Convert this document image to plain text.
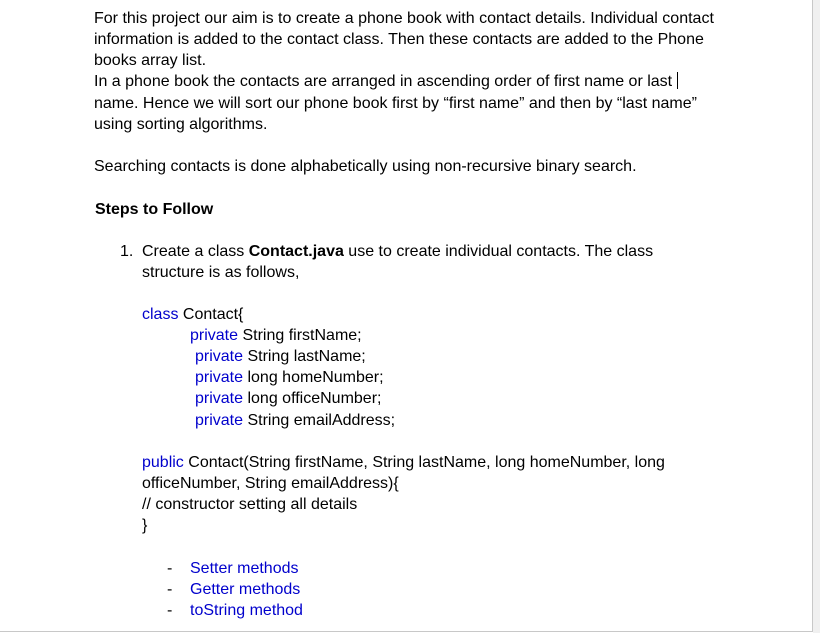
For this project our aim is to create a phone book with contact details. Individual contact
information is added to the contact class. Then these contacts are added to the Phone
books array list.
In a phone book the contacts are arranged in ascending order of first name or last
name. Hence we will sort our phone book first by “first name” and then by “last name”
using sorting algorithms.
Searching contacts is done alphabetically using non-recursive binary search.
Steps to Follow
1. Create a class Contact.java use to create individual contacts. The class
structure is as follows,
class Contact{
private String firstName;
private String lastName;
private long homeNumber;
private long officeNumber;
private String emailAddress;
public Contact(String firstName, String lastName, long homeNumber, long
officeNumber, String emailAddress){
// constructor setting all details
}
- Setter methods
- Getter methods
- toString method
